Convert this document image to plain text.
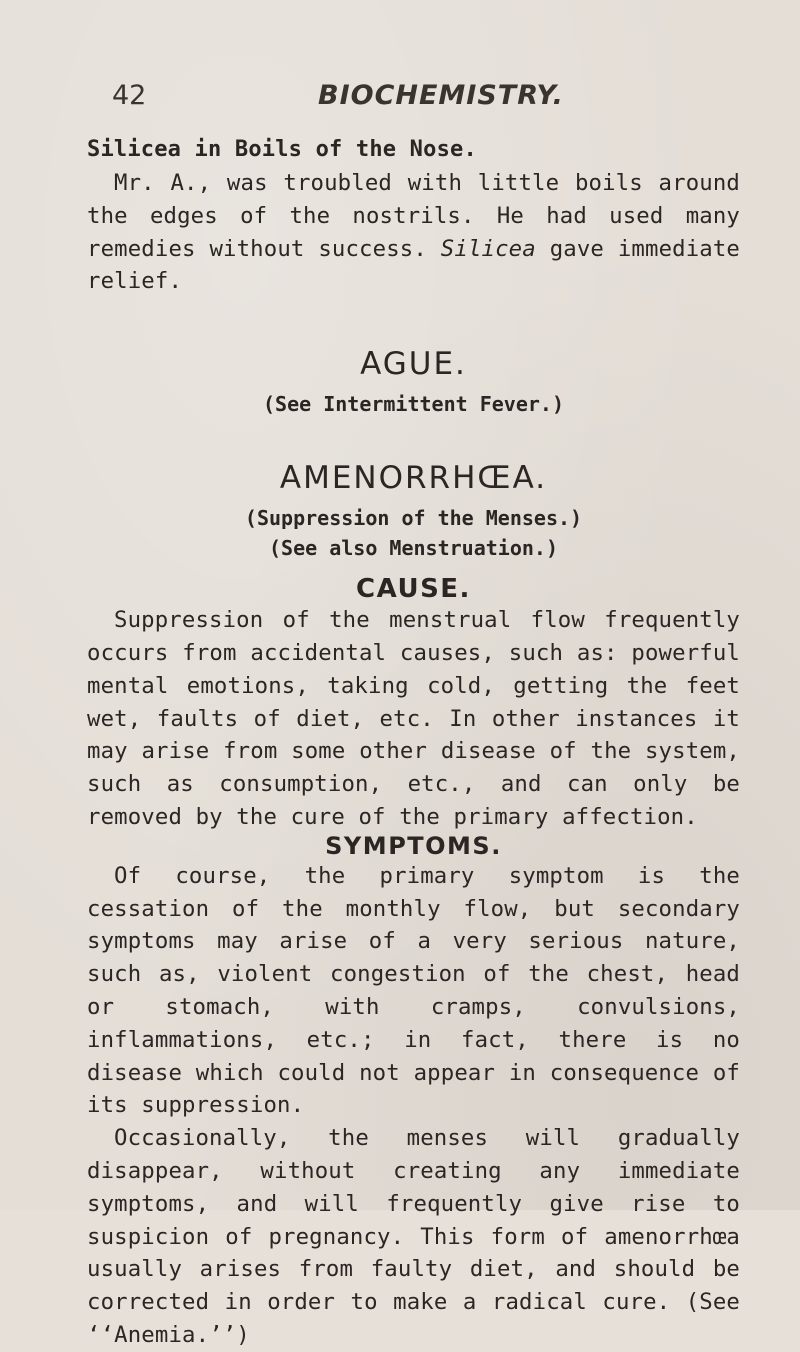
42	BIOCHEMISTRY.
Silicea in Boils of the Nose.

Mr. A., was troubled with little boils around the edges of the nostrils. He had used many remedies without success. Silicea gave immediate relief.

AGUE.

(See Intermittent Fever.)

AMENORRHŒA.

(Suppression of the Menses.)

(See also Menstruation.)

CAUSE.

Suppression of the menstrual flow frequently occurs from accidental causes, such as: powerful mental emotions, taking cold, getting the feet wet, faults of diet, etc. In other instances it may arise from some other disease of the system, such as consumption, etc., and can only be removed by the cure of the primary affection.

SYMPTOMS.

Of course, the primary symptom is the cessation of the monthly flow, but secondary symptoms may arise of a very serious nature, such as, violent congestion of the chest, head or stomach, with cramps, convulsions, inflammations, etc.; in fact, there is no disease which could not appear in consequence of its suppression.

Occasionally, the menses will gradually disappear, without creating any immediate symptoms, and will frequently give rise to suspicion of pregnancy. This form of amenorrhœa usually arises from faulty diet, and should be corrected in order to make a radical cure. (See ‘‘Anemia.’’)
